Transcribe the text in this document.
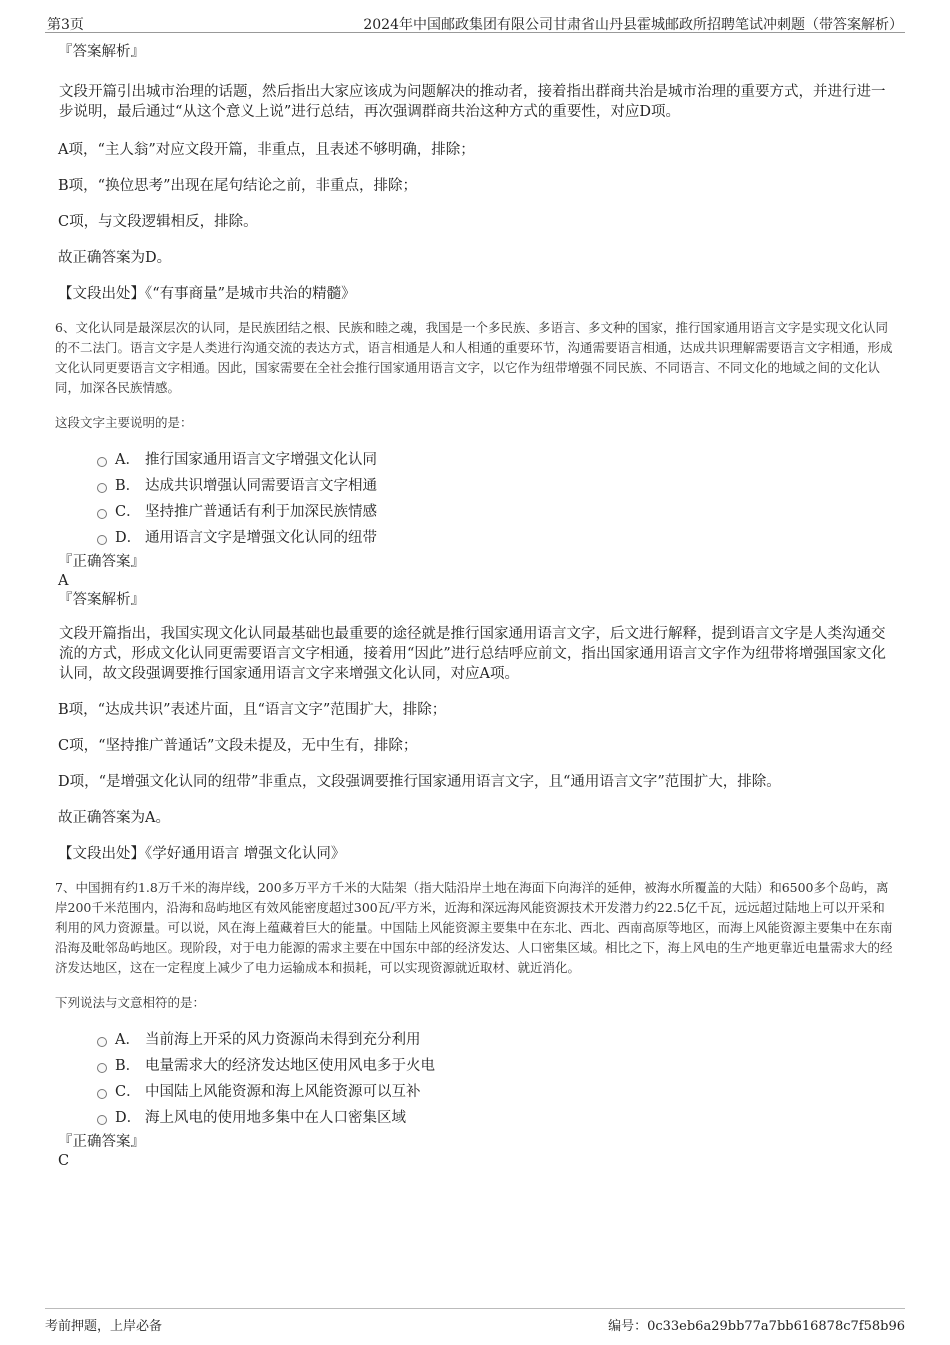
第3页	2024年中国邮政集团有限公司甘肃省山丹县霍城邮政所招聘笔试冲刺题（带答案解析）

『答案解析』

文段开篇引出城市治理的话题，然后指出大家应该成为问题解决的推动者，接着指出群商共治是城市治理的重要方式，并进行进一步说明，最后通过“从这个意义上说”进行总结，再次强调群商共治这种方式的重要性，对应D项。

A项，“主人翁”对应文段开篇，非重点，且表述不够明确，排除；

B项，“换位思考”出现在尾句结论之前，非重点，排除；

C项，与文段逻辑相反，排除。

故正确答案为D。

【文段出处】《“有事商量”是城市共治的精髓》

6、文化认同是最深层次的认同，是民族团结之根、民族和睦之魂，我国是一个多民族、多语言、多文种的国家，推行国家通用语言文字是实现文化认同的不二法门。语言文字是人类进行沟通交流的表达方式，语言相通是人和人相通的重要环节，沟通需要语言相通，达成共识理解需要语言文字相通，形成文化认同更要语言文字相通。因此，国家需要在全社会推行国家通用语言文字，以它作为纽带增强不同民族、不同语言、不同文化的地域之间的文化认同，加深各民族情感。

这段文字主要说明的是：

A． 推行国家通用语言文字增强文化认同
B． 达成共识增强认同需要语言文字相通
C． 坚持推广普通话有利于加深民族情感
D． 通用语言文字是增强文化认同的纽带

『正确答案』

A

『答案解析』

文段开篇指出，我国实现文化认同最基础也最重要的途径就是推行国家通用语言文字，后文进行解释，提到语言文字是人类沟通交流的方式，形成文化认同更需要语言文字相通，接着用“因此”进行总结呼应前文，指出国家通用语言文字作为纽带将增强国家文化认同，故文段强调要推行国家通用语言文字来增强文化认同，对应A项。

B项，“达成共识”表述片面，且“语言文字”范围扩大，排除；

C项，“坚持推广普通话”文段未提及，无中生有，排除；

D项，“是增强文化认同的纽带”非重点，文段强调要推行国家通用语言文字，且“通用语言文字”范围扩大，排除。

故正确答案为A。

【文段出处】《学好通用语言 增强文化认同》

7、中国拥有约1.8万千米的海岸线，200多万平方千米的大陆架（指大陆沿岸土地在海面下向海洋的延伸，被海水所覆盖的大陆）和6500多个岛屿，离岸200千米范围内，沿海和岛屿地区有效风能密度超过300瓦/平方米，近海和深远海风能资源技术开发潜力约22.5亿千瓦，远远超过陆地上可以开采和利用的风力资源量。可以说，风在海上蕴藏着巨大的能量。中国陆上风能资源主要集中在东北、西北、西南高原等地区，而海上风能资源主要集中在东南沿海及毗邻岛屿地区。现阶段，对于电力能源的需求主要在中国东中部的经济发达、人口密集区域。相比之下，海上风电的生产地更靠近电量需求大的经济发达地区，这在一定程度上减少了电力运输成本和损耗，可以实现资源就近取材、就近消化。

下列说法与文意相符的是：

A． 当前海上开采的风力资源尚未得到充分利用
B． 电量需求大的经济发达地区使用风电多于火电
C． 中国陆上风能资源和海上风能资源可以互补
D． 海上风电的使用地多集中在人口密集区域

『正确答案』

C

考前押题，上岸必备	编号：0c33eb6a29bb77a7bb616878c7f58b96
